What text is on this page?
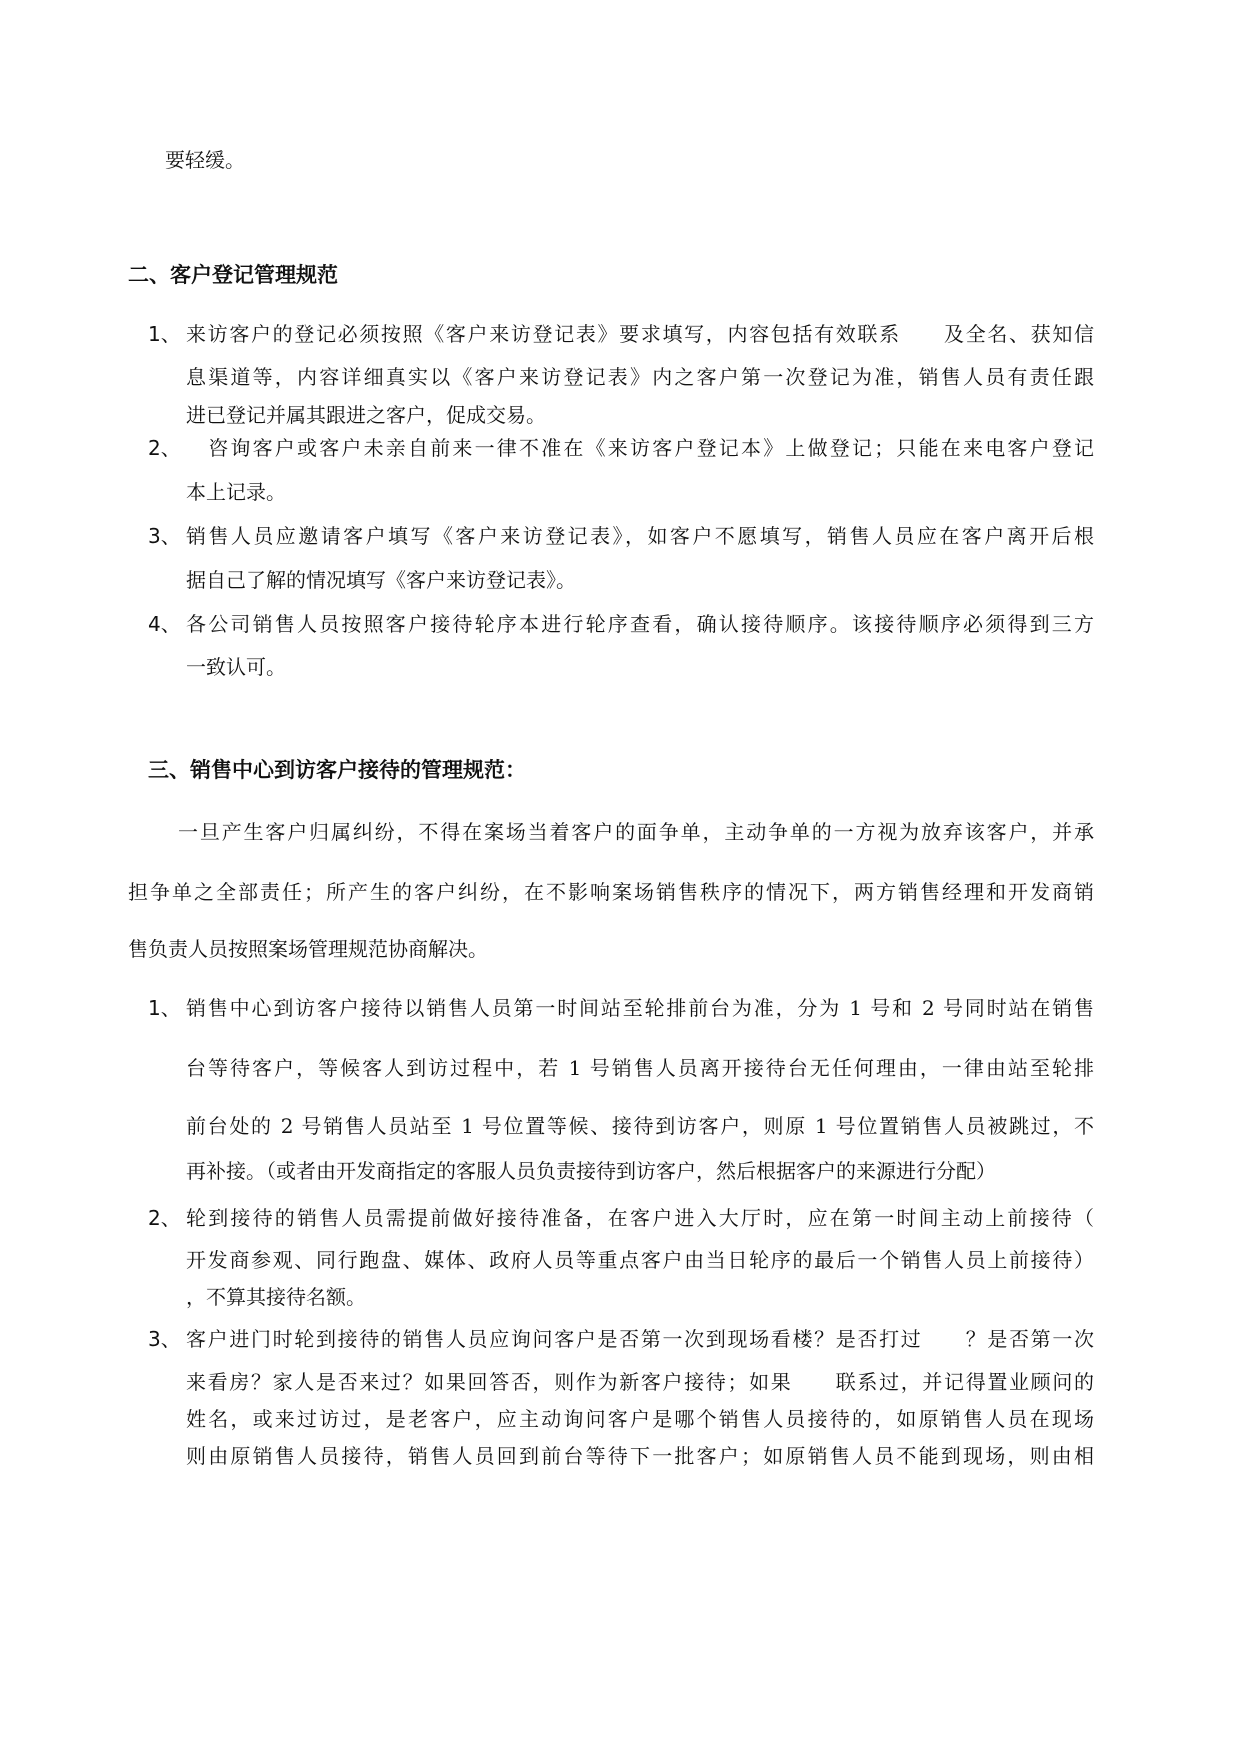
要轻缓。
二、客户登记管理规范
1、 来访客户的登记必须按照《客户来访登记表》要求填写，内容包括有效联系　　及全名、获知信
息渠道等，内容详细真实以《客户来访登记表》内之客户第一次登记为准，销售人员有责任跟
进已登记并属其跟进之客户，促成交易。
2、 　咨询客户或客户未亲自前来一律不准在《来访客户登记本》上做登记；只能在来电客户登记
本上记录。
3、 销售人员应邀请客户填写《客户来访登记表》，如客户不愿填写，销售人员应在客户离开后根
据自己了解的情况填写《客户来访登记表》。
4、 各公司销售人员按照客户接待轮序本进行轮序查看，确认接待顺序。该接待顺序必须得到三方
一致认可。
三、销售中心到访客户接待的管理规范：
一旦产生客户归属纠纷，不得在案场当着客户的面争单，主动争单的一方视为放弃该客户，并承
担争单之全部责任；所产生的客户纠纷，在不影响案场销售秩序的情况下，两方销售经理和开发商销
售负责人员按照案场管理规范协商解决。
1、 销售中心到访客户接待以销售人员第一时间站至轮排前台为准，分为 1 号和 2 号同时站在销售
台等待客户，等候客人到访过程中，若 1 号销售人员离开接待台无任何理由，一律由站至轮排
前台处的 2 号销售人员站至 1 号位置等候、接待到访客户，则原 1 号位置销售人员被跳过，不
再补接。（或者由开发商指定的客服人员负责接待到访客户，然后根据客户的来源进行分配）
2、 轮到接待的销售人员需提前做好接待准备，在客户进入大厅时，应在第一时间主动上前接待（
开发商参观、同行跑盘、媒体、政府人员等重点客户由当日轮序的最后一个销售人员上前接待）
，不算其接待名额。
3、 客户进门时轮到接待的销售人员应询问客户是否第一次到现场看楼？是否打过　　？是否第一次
来看房？家人是否来过？如果回答否，则作为新客户接待；如果　　联系过，并记得置业顾问的
姓名，或来过访过，是老客户，应主动询问客户是哪个销售人员接待的，如原销售人员在现场
则由原销售人员接待，销售人员回到前台等待下一批客户；如原销售人员不能到现场，则由相
